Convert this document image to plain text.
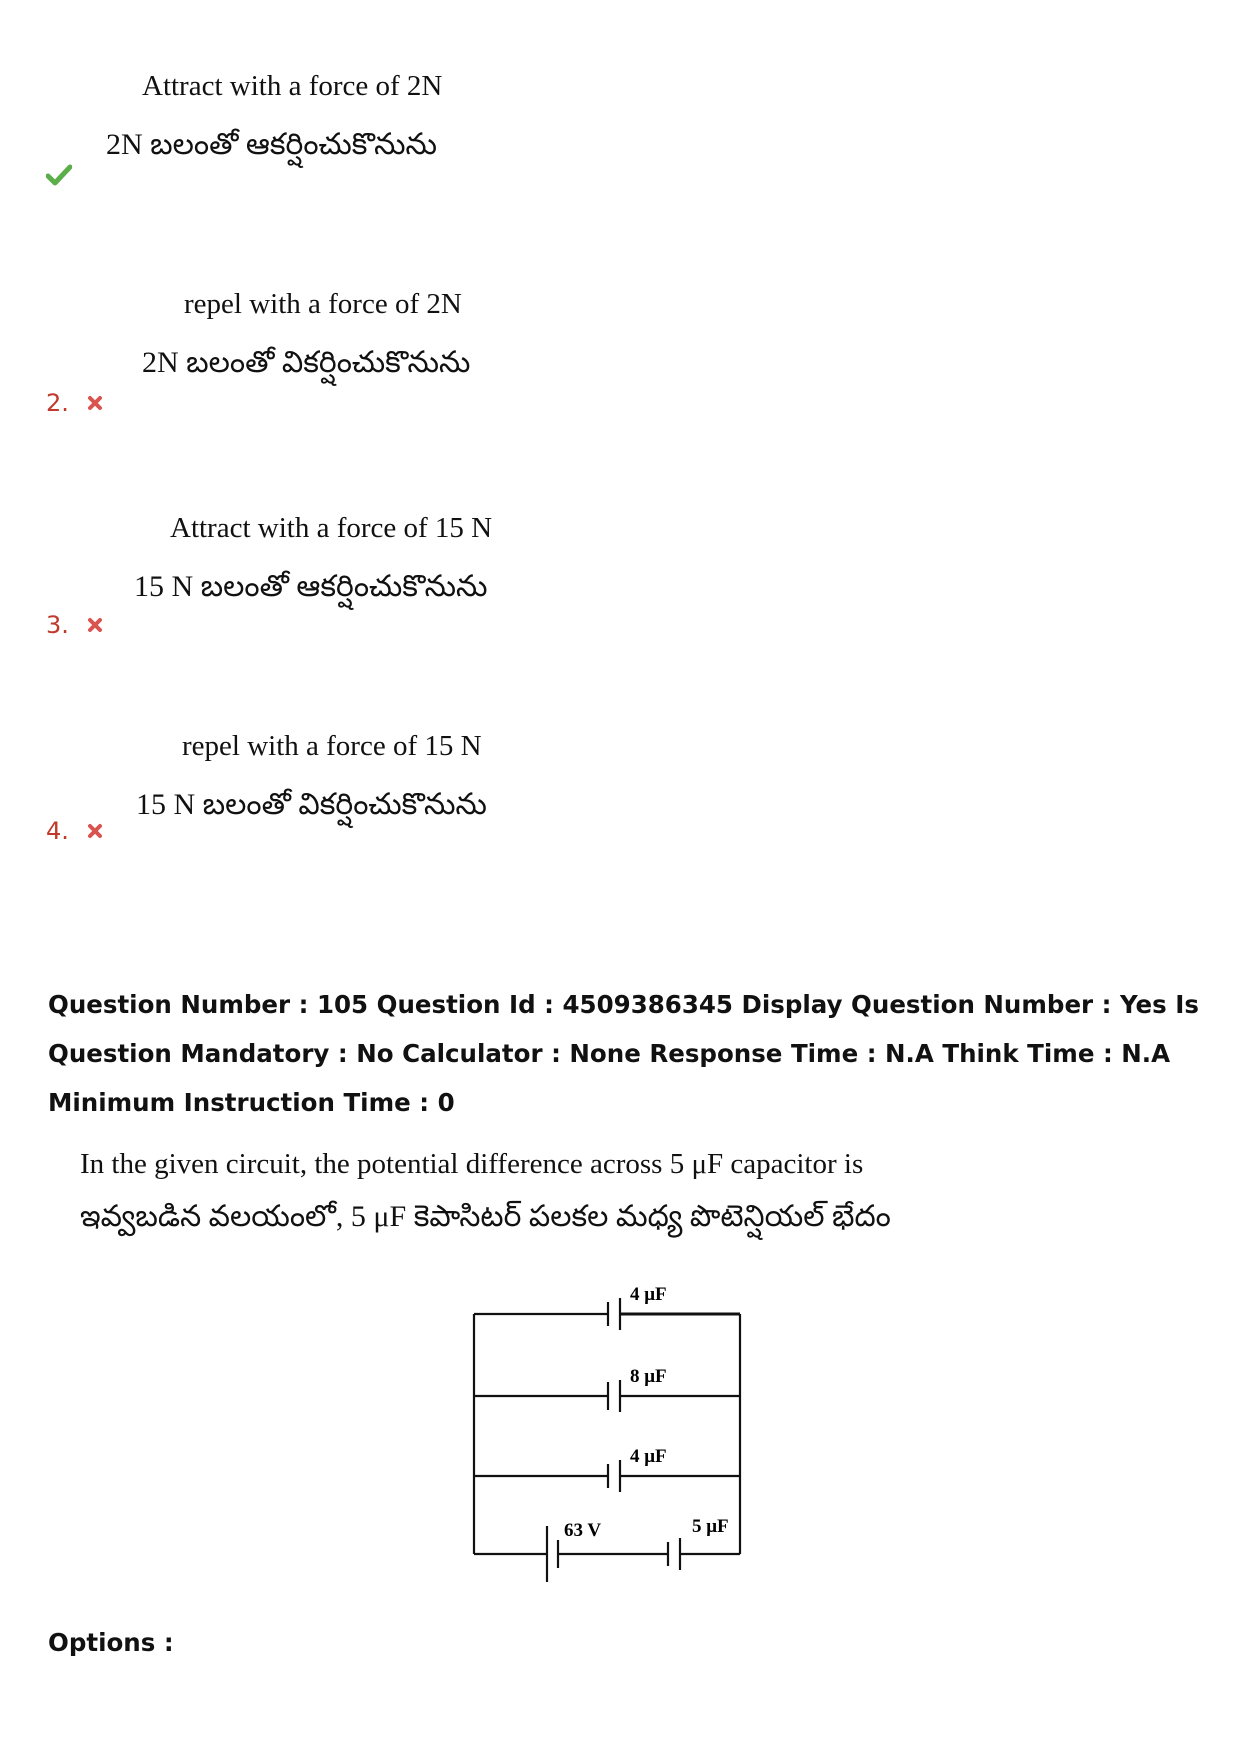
Attract with a force of 2N
2N బలంతో ఆకర్షించుకొనును
repel with a force of 2N
2N బలంతో వికర్షించుకొనును
2.
Attract with a force of 15 N
15 N బలంతో ఆకర్షించుకొనును
3.
repel with a force of 15 N
15 N బలంతో వికర్షించుకొనును
4.
Question Number : 105 Question Id : 4509386345 Display Question Number : Yes Is Question Mandatory : No Calculator : None Response Time : N.A Think Time : N.A Minimum Instruction Time : 0
In the given circuit, the potential difference across 5 μF capacitor is
ఇవ్వబడిన వలయంలో, 5 μF కెపాసిటర్ పలకల మధ్య పొటెన్షియల్ భేదం
4 μF
8 μF
4 μF
63 V	5 μF
Options :
